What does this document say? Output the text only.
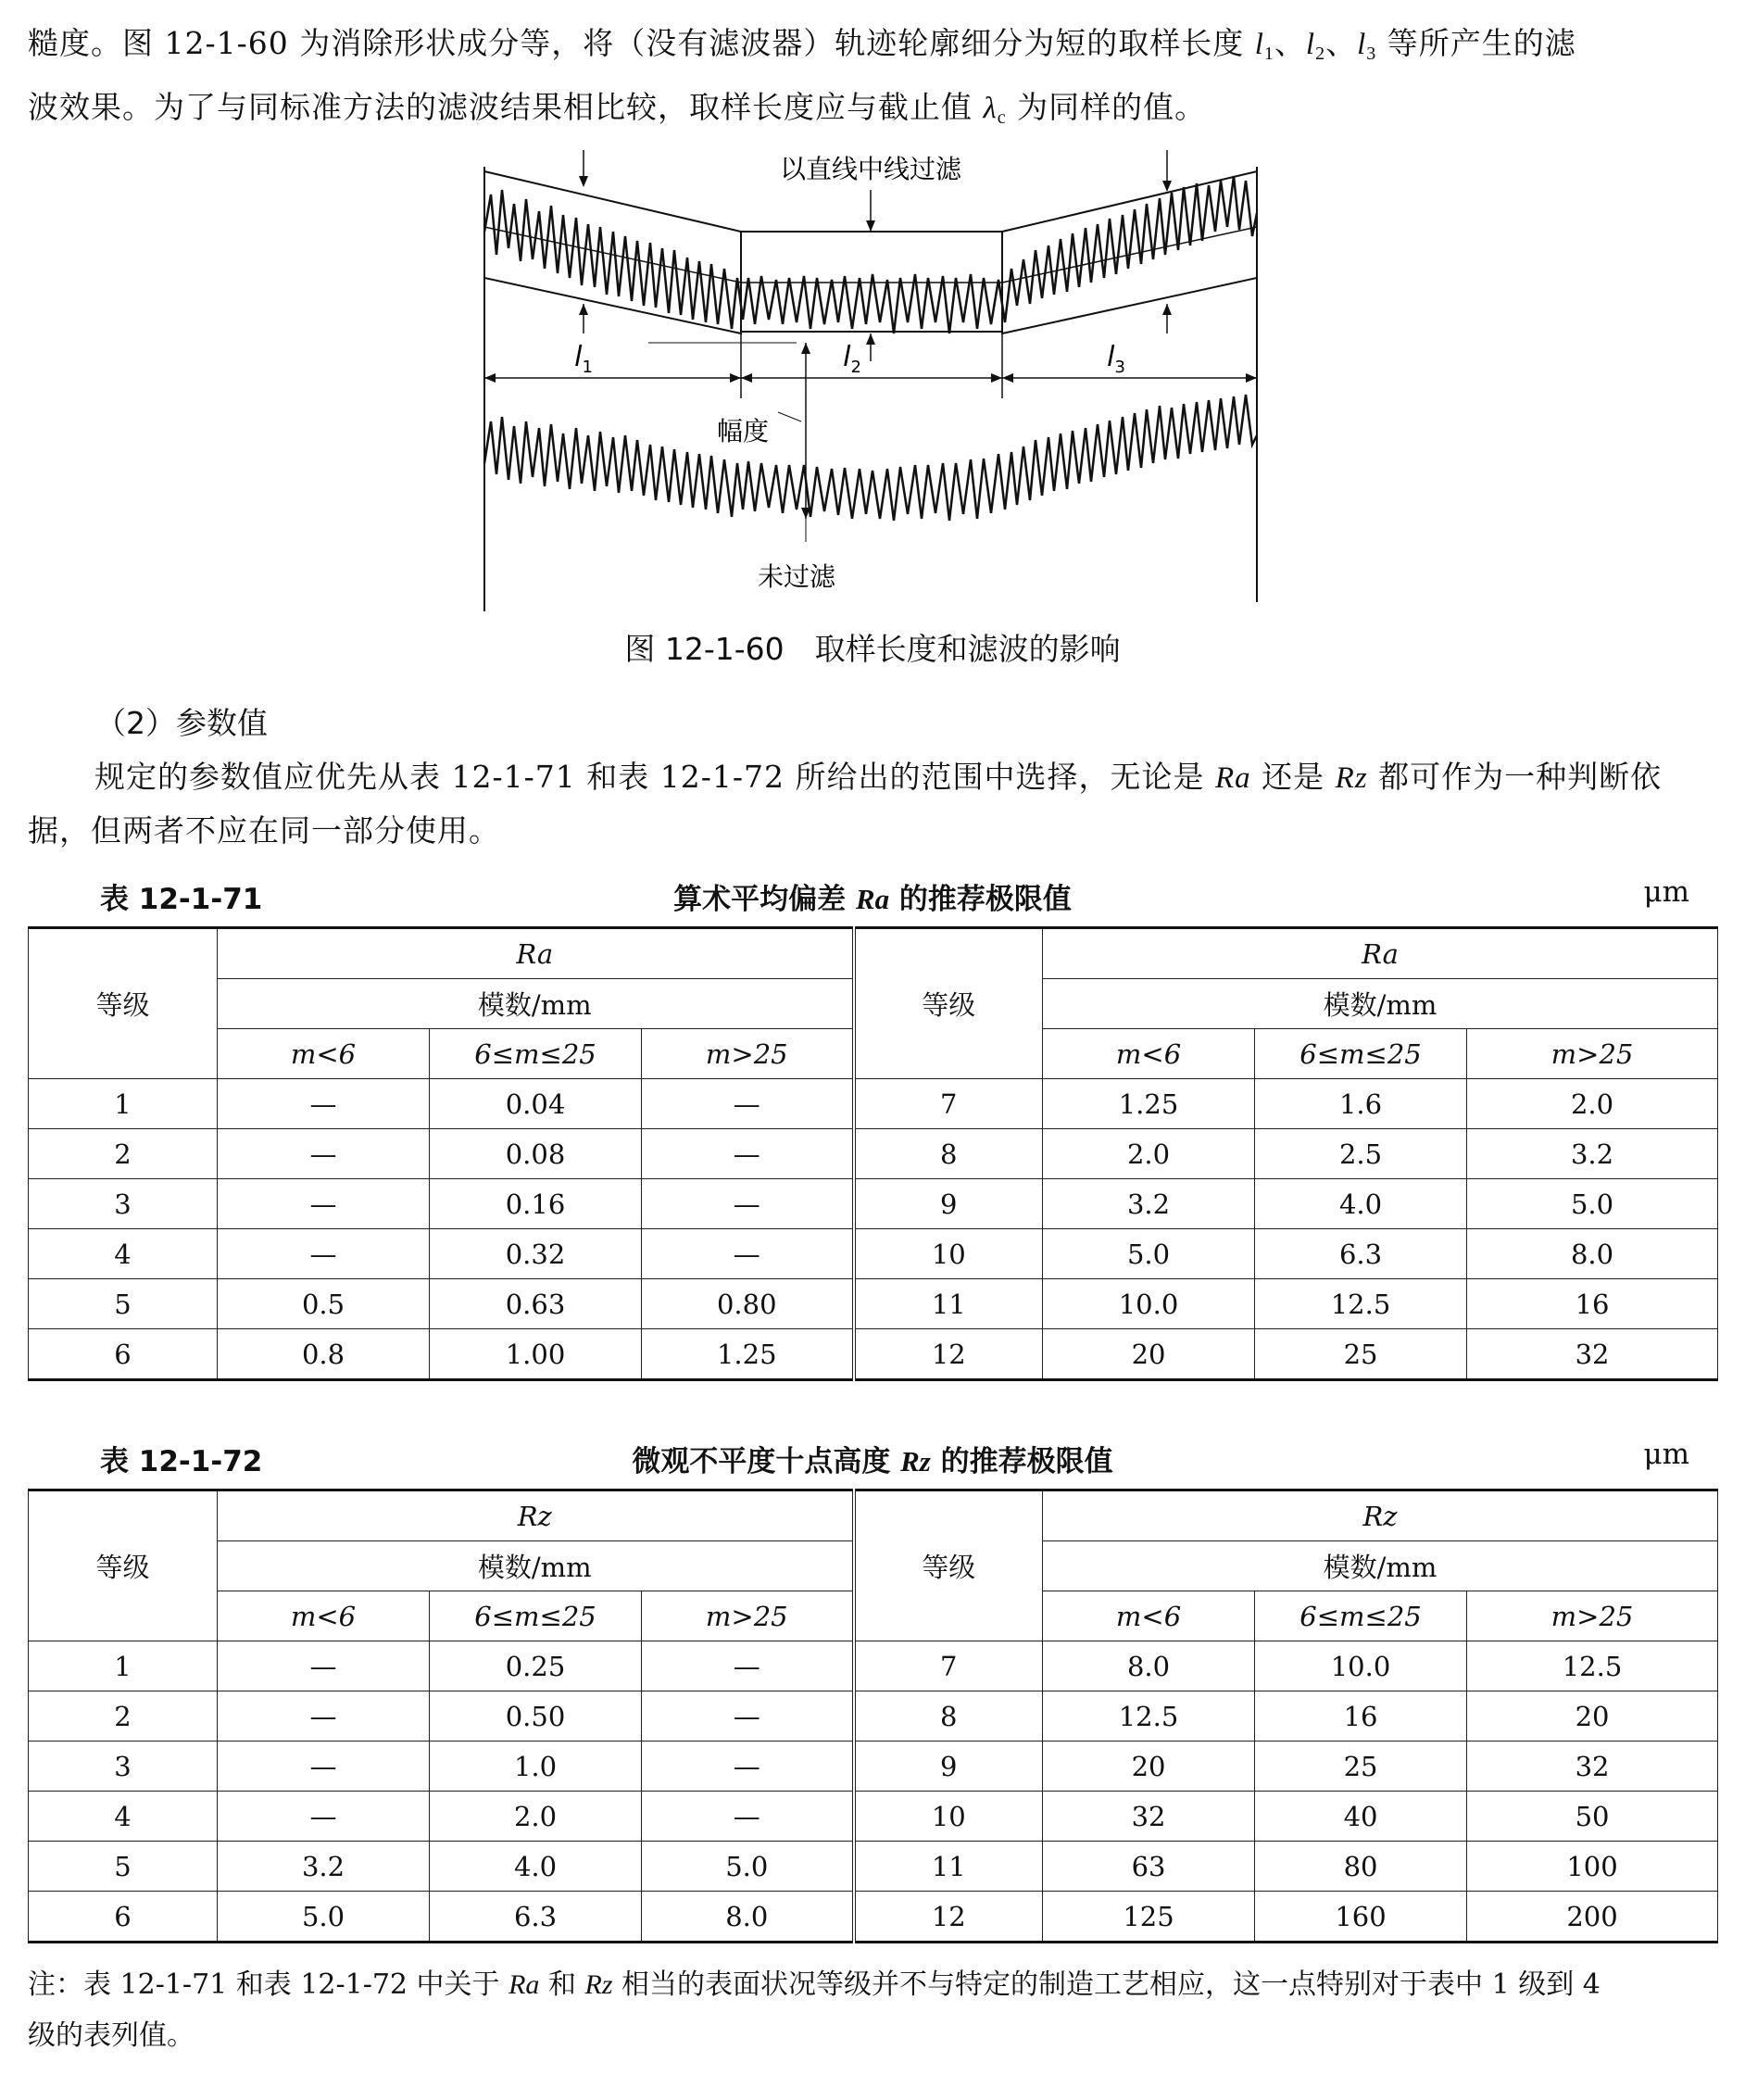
糙度。图 12-1-60 为消除形状成分等，将（没有滤波器）轨迹轮廓细分为短的取样长度 $l_1$、$l_2$、$l_3$ 等所产生的滤
波效果。为了与同标准方法的滤波结果相比较，取样长度应与截止值 $\lambda_c$ 为同样的值。
以直线中线过滤
$l_1$	$l_2$	$l_3$
幅度
未过滤
图 12-1-60　取样长度和滤波的影响
（2）参数值
规定的参数值应优先从表 12-1-71 和表 12-1-72 所给出的范围中选择，无论是 Ra 还是 Rz 都可作为一种判断依
据，但两者不应在同一部分使用。
表 12-1-71	算术平均偏差 Ra 的推荐极限值	μm
等级	Ra			等级	Ra		
	模数/mm				模数/mm		
	m<6	6≤m≤25	m>25		m<6	6≤m≤25	m>25
1	—	0.04	—	7	1.25	1.6	2.0
2	—	0.08	—	8	2.0	2.5	3.2
3	—	0.16	—	9	3.2	4.0	5.0
4	—	0.32	—	10	5.0	6.3	8.0
5	0.5	0.63	0.80	11	10.0	12.5	16
6	0.8	1.00	1.25	12	20	25	32
表 12-1-72	微观不平度十点高度 Rz 的推荐极限值	μm
等级	Rz			等级	Rz		
	模数/mm				模数/mm		
	m<6	6≤m≤25	m>25		m<6	6≤m≤25	m>25
1	—	0.25	—	7	8.0	10.0	12.5
2	—	0.50	—	8	12.5	16	20
3	—	1.0	—	9	20	25	32
4	—	2.0	—	10	32	40	50
5	3.2	4.0	5.0	11	63	80	100
6	5.0	6.3	8.0	12	125	160	200
注：表 12-1-71 和表 12-1-72 中关于 Ra 和 Rz 相当的表面状况等级并不与特定的制造工艺相应，这一点特别对于表中 1 级到 4
级的表列值。
